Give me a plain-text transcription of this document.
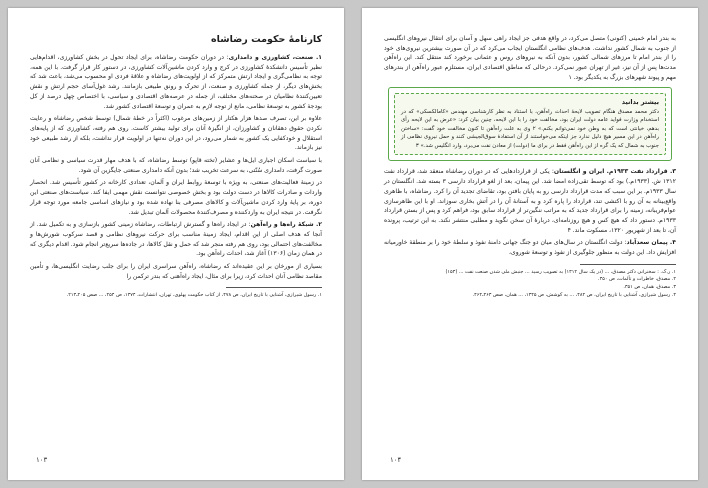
کارنامهٔ حکومت رضاشاه

۱. صنعت، کشاورزی و دامداری: در دوران حکومت رضاشاه، برای ایجاد تحول در بخش کشاورزی، اقدام‌هایی نظیر تأسیس دانشکدهٔ کشاورزی در کرج و وارد کردن ماشین‌آلات کشاورزی، در دستور کار قرار گرفت. با این همه، توجه به نظامی‌گری و ایجاد ارتش متمرکز که از اولویت‌های رضاشاه و علاقهٔ فردی او محسوب می‌شد، باعث شد که بخش‌های دیگر، از جمله کشاورزی و صنعت، از تحرک و رونق طبیعی بازمانند. رشد غول‌آسای حجم ارتش و نقش تعیین‌کنندهٔ نظامیان در صحنه‌های مختلف، از جمله در عرصه‌های اقتصادی و سیاسی، با اختصاص چهل درصد از کل بودجهٔ کشور به توسعهٔ نظامی، مانع از توجه لازم به عمران و توسعهٔ اقتصادی کشور شد.

علاوه بر این، تصرف صدها هزار هکتار از زمین‌های مرغوب (اکثراً در خطهٔ شمال) توسط شخص رضاشاه و رعایت نکردن حقوق دهقانان و کشاورزان، از انگیزهٔ آنان برای تولید بیشتر کاست. روی هم رفته، کشاورزی که از پایه‌های استقلال و خودکفایی یک کشور به شمار می‌رود، در این دوران نه‌تنها در اولویت قرار نداشت، بلکه از رشد طبیعی خود نیز بازماند.

با سیاست اسکان اجباری ایل‌ها و عشایر (تخته قاپو) توسط رضاشاه، که با هدف مهار قدرت سیاسی و نظامی آنان صورت گرفت، دامداری سُنّتی، به سرعت تخریب شد؛ بدون آنکه دامداری صنعتی جایگزین آن شود.

در زمینهٔ فعالیت‌های صنعتی، به ویژه با توسعهٔ روابط ایران و آلمان، تعدادی کارخانه در کشور تأسیس شد. انحصار واردات و صادرات کالاها در دست دولت بود و بخش خصوصی نتوانست نقش مهمی ایفا کند. سیاست‌های صنعتی این دوره، بر پایهٔ وارد کردن ماشین‌آلات و کالاهای مصرفی بنا نهاده شده بود و نیازهای اساسی جامعه مورد توجه قرار نگرفت. در نتیجه ایران به واردکننده و مصرف‌کنندهٔ محصولات آلمان تبدیل شد.

۲. شبکهٔ راه‌ها و راه‌آهن: در ایجاد راه‌ها و گسترش ارتباطات، رضاشاه زمینی کشور بازسازی و به تکمیل شد. از آنجا که هدف اصلی از این اقدام، ایجاد زمینهٔ مناسب برای حرکت نیروهای نظامی و قصد سرکوب شورش‌ها و مخالفت‌های احتمالی بود، روی هم رفته منجر شد که حمل و نقل کالاها، در جاده‌ها سریع‌تر انجام شود. اقدام دیگری که در همان زمان (۱۳۰۶) آغاز شد، احداث راه‌آهن بود.

بسیاری از مورخان بر این عقیده‌اند که رضاشاه، راه‌آهن سراسری ایران را برای جلب رضایت انگلیسی‌ها، و تأمین مقاصد نظامی آنان احداث کرد، زیرا برای مثال، ایجاد راه‌آهنی که بندر ترکمن را

۱. رسول شیرازی، آشنایی با تاریخ ایران، ص ۴۷۸، از کتاب حکومت پهلوی، تهران، انتشارات، ۱۳۷۴، ص ۲۵۴، ... صص ۲۰۵ـ۲۱۳.

۱۰۳

به بندر امام خمینی (کنونی) متصل می‌کرد، در واقع هدفی جز ایجاد راهی سهل و آسان برای انتقال نیروهای انگلیسی از جنوب به شمال کشور نداشت. هدف‌های نظامی انگلستان ایجاب می‌کرد که در آن صورت بیشترین نیروی‌های خود را از بندر امام تا مرزهای شمالی کشور، بدون آنکه به نیروهای روس و عثمانی برخورد کند منتقل کند. این راه‌آهن مدت‌ها پس از آن نیز، غیر از تهران عبور نمی‌کرد. درحالی که مناطق اقتصادی ایران، مستلزم عبور راه‌آهن از بندرهای مهم و پیوند شهرهای بزرگ به یکدیگر بود. ۱

بیشتر بدانید

دکتر محمد مصدق هنگام تصویب لایحهٔ احداث راه‌آهن، با استناد به نظر کارشناسی مهندس «کامالکسکی» که در استخدام وزارت فواید عامه دولت ایران بود، مخالفت خود را با این لایحه، چنین بیان کرد: «عرض به این لایحه رأی بدهم، خیانتی است که به وطن خود نمی‌توانم بکنم.» ۲ وی به علت راه‌آهن تا کنون مخالفت خود گفت: «ساختن راه‌آهن در این مسیر هیچ دلیل ندارد جز اینکه می‌خواستند از آن استفادهٔ سوق‌الجیشی کنند و حمل نیروی نظامی از جنوب به شمال که یک گره از این راه‌آهن فقط در برای ما (دولت) از معادن نفت می‌برد، وارد انگلیس شد.» ۳

۳. قرارداد نفت ۱۹۳۳م. ایران و انگلستان: یکی از قراردادهایی که در دوران رضاشاه منعقد شد، قرارداد نفت ۱۳۱۲ ش. (۱۹۳۳م.) بود که توسط تقی‌زاده امضا شد. این پیمان، بعد از لغو قرارداد دارسی ۳ بسته شد. انگلستان در سال ۱۹۳۳م. بر این سبب که مدت قرارداد دارسی رو به پایان بافتن بود، تقاضای تجدید آن را کرد. رضاشاه، با ظاهری واقع‌بینانه به آن رو با اکتشی تند، قرارداد را پاره کرد و به آستانهٔ آن را در آتش بخاری سوزاند. او با این ظاهرسازی عوام‌فریبانه، زمینه را برای قرارداد جدید که به مراتب ننگین‌تر از قرارداد سابق بود، فراهم کرد و پس از بستن قرارداد ۱۹۳۳م. دستور داد که هیچ کس و هیچ روزنامه‌ای، دربارهٔ آن سخن نگوید و مطلبی منتشر نکند. به این ترتیب، پرونده آن، تا بعد از شهریور ۱۳۲۰، مسکوت ماند. ۴

۴. پیمان سعدآباد: دولت انگلستان در سال‌های میان دو جنگ جهانی دامنهٔ نفوذ و سلطهٔ خود را بر منطقهٔ خاورمیانه افزایش داد. این دولت به منظور جلوگیری از نفوذ و توسعهٔ شوروی،

۱. ر.ک. : سخنرانی دکتر مصدق، ... (در یک سال ۱۳۱۲) به تصویب رسید ... جنبش ملی شدن صنعت نفت ... (۱۵۳)

۲. مصدق، خاطرات و تألمات، ص ۳۵۰.

۳. مصدق، همان، ص ۳۵۱.

۴. رسول شیرازی، آشنایی با تاریخ ایران، ص ۴۸۲، ... به کوشش، ص ۱۳۴۵، ... همان، صص ۴۶۳ـ۴۶۴.

۱۰۴
